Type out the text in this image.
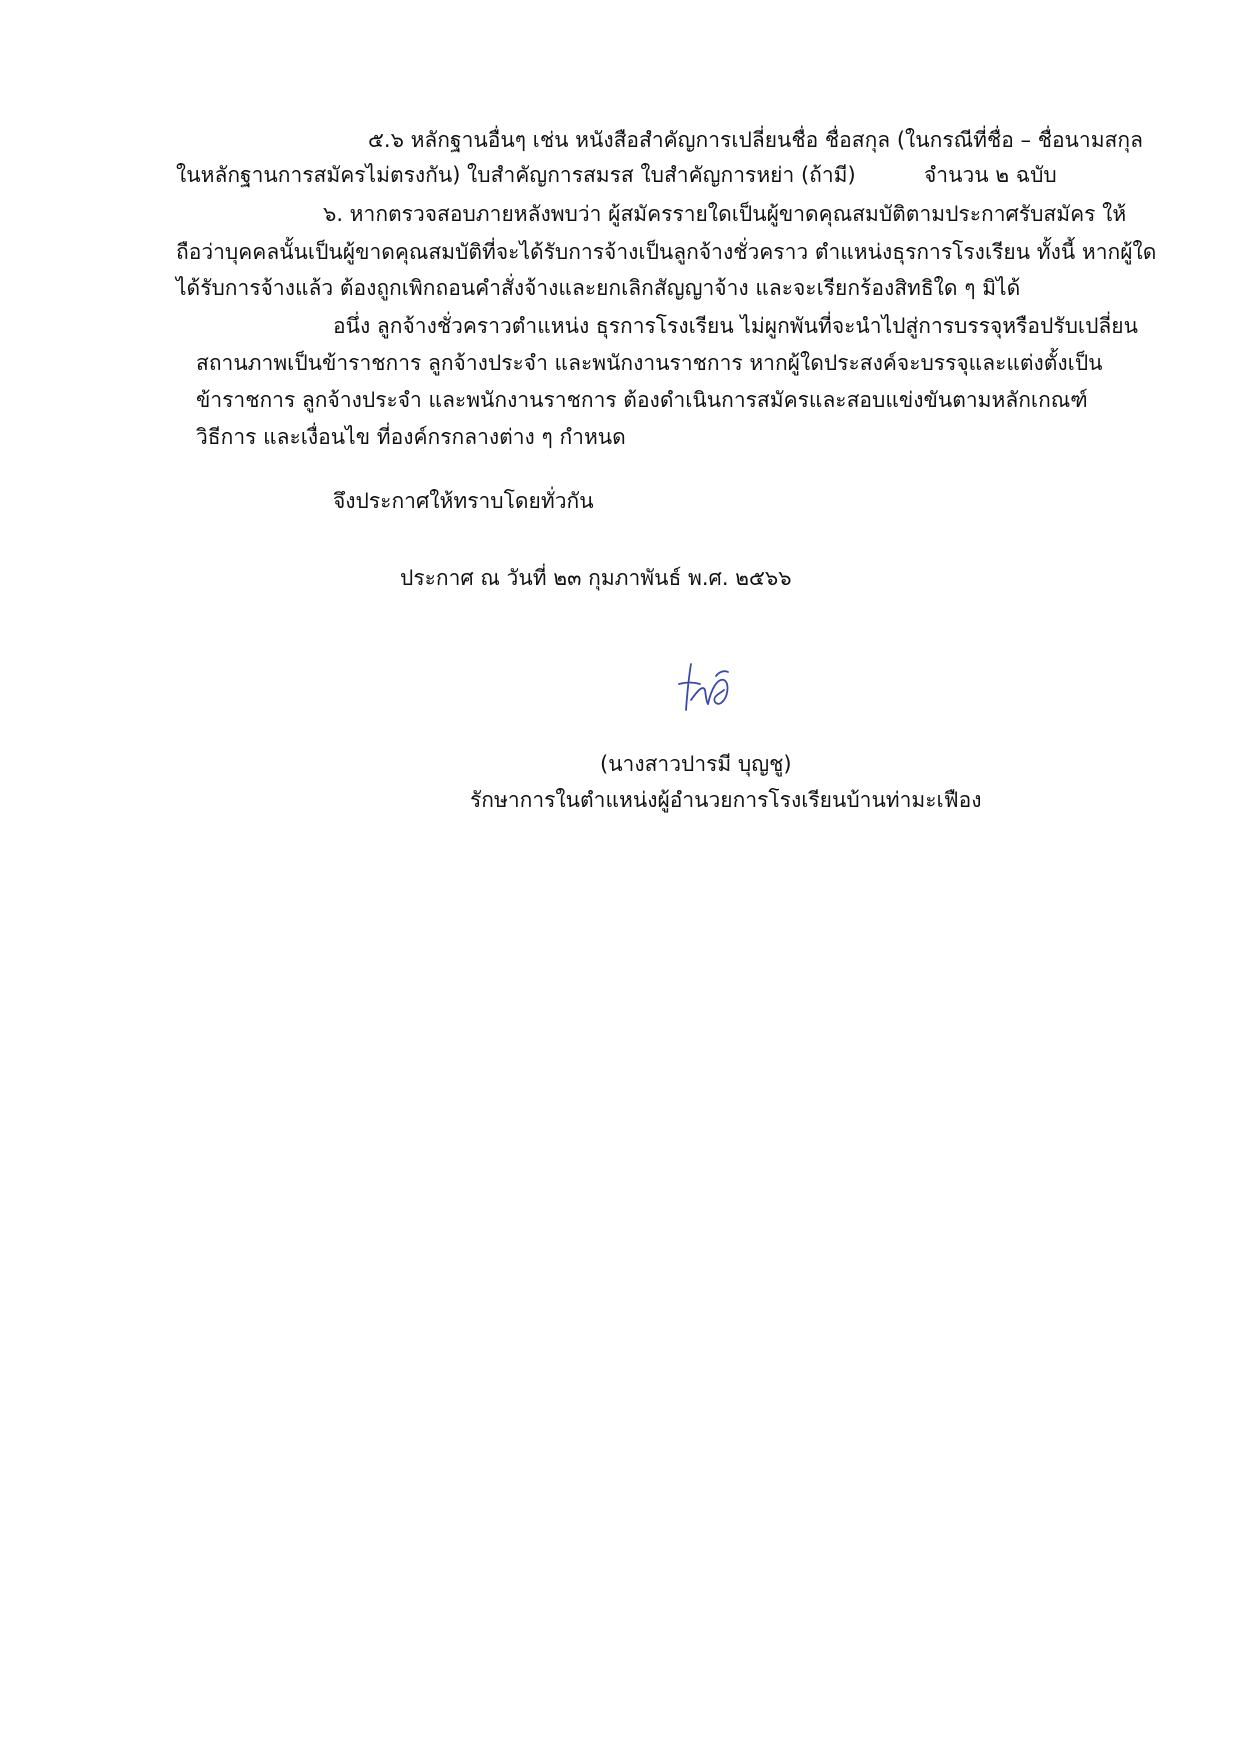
๕.๖ หลักฐานอื่นๆ เช่น หนังสือสำคัญการเปลี่ยนชื่อ ชื่อสกุล (ในกรณีที่ชื่อ – ชื่อนามสกุล
ในหลักฐานการสมัครไม่ตรงกัน) ใบสำคัญการสมรส ใบสำคัญการหย่า (ถ้ามี)	จำนวน ๒ ฉบับ
๖. หากตรวจสอบภายหลังพบว่า ผู้สมัครรายใดเป็นผู้ขาดคุณสมบัติตามประกาศรับสมัคร ให้
ถือว่าบุคคลนั้นเป็นผู้ขาดคุณสมบัติที่จะได้รับการจ้างเป็นลูกจ้างชั่วคราว ตำแหน่งธุรการโรงเรียน ทั้งนี้ หากผู้ใด
ได้รับการจ้างแล้ว ต้องถูกเพิกถอนคำสั่งจ้างและยกเลิกสัญญาจ้าง และจะเรียกร้องสิทธิใด ๆ มิได้
อนึ่ง ลูกจ้างชั่วคราวตำแหน่ง ธุรการโรงเรียน ไม่ผูกพันที่จะนำไปสู่การบรรจุหรือปรับเปลี่ยน
สถานภาพเป็นข้าราชการ ลูกจ้างประจำ และพนักงานราชการ หากผู้ใดประสงค์จะบรรจุและแต่งตั้งเป็น
ข้าราชการ ลูกจ้างประจำ และพนักงานราชการ ต้องดำเนินการสมัครและสอบแข่งขันตามหลักเกณฑ์
วิธีการ และเงื่อนไข ที่องค์กรกลางต่าง ๆ กำหนด
จึงประกาศให้ทราบโดยทั่วกัน
ประกาศ ณ วันที่ ๒๓ กุมภาพันธ์ พ.ศ. ๒๕๖๖
(นางสาวปารมี บุญชู)
รักษาการในตำแหน่งผู้อำนวยการโรงเรียนบ้านท่ามะเฟือง
